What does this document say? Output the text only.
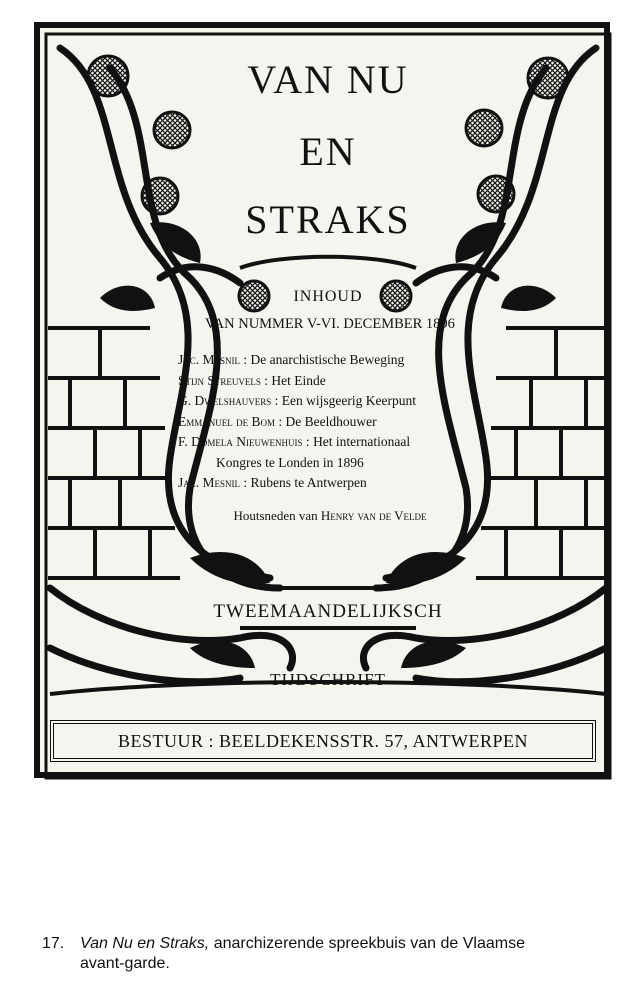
VAN NU
EN
STRAKS
INHOUD
VAN NUMMER V-VI. DECEMBER 1896
Jac. Mesnil : De anarchistische Beweging
Stijn Streuvels : Het Einde
G. Dwelshauvers : Een wijsgeerig Keerpunt
Emmanuel de Bom : De Beeldhouwer
F. Domela Nieuwenhuis : Het internationaal
Kongres te Londen in 1896
Jac. Mesnil : Rubens te Antwerpen
Houtsneden van Henry van de Velde
TWEEMAANDELIJKSCH
TIJDSCHRIFT
BESTUUR : BEELDEKENSSTR. 57, ANTWERPEN
17. Van Nu en Straks, anarchizerende spreekbuis van de Vlaamse
avant-garde.
